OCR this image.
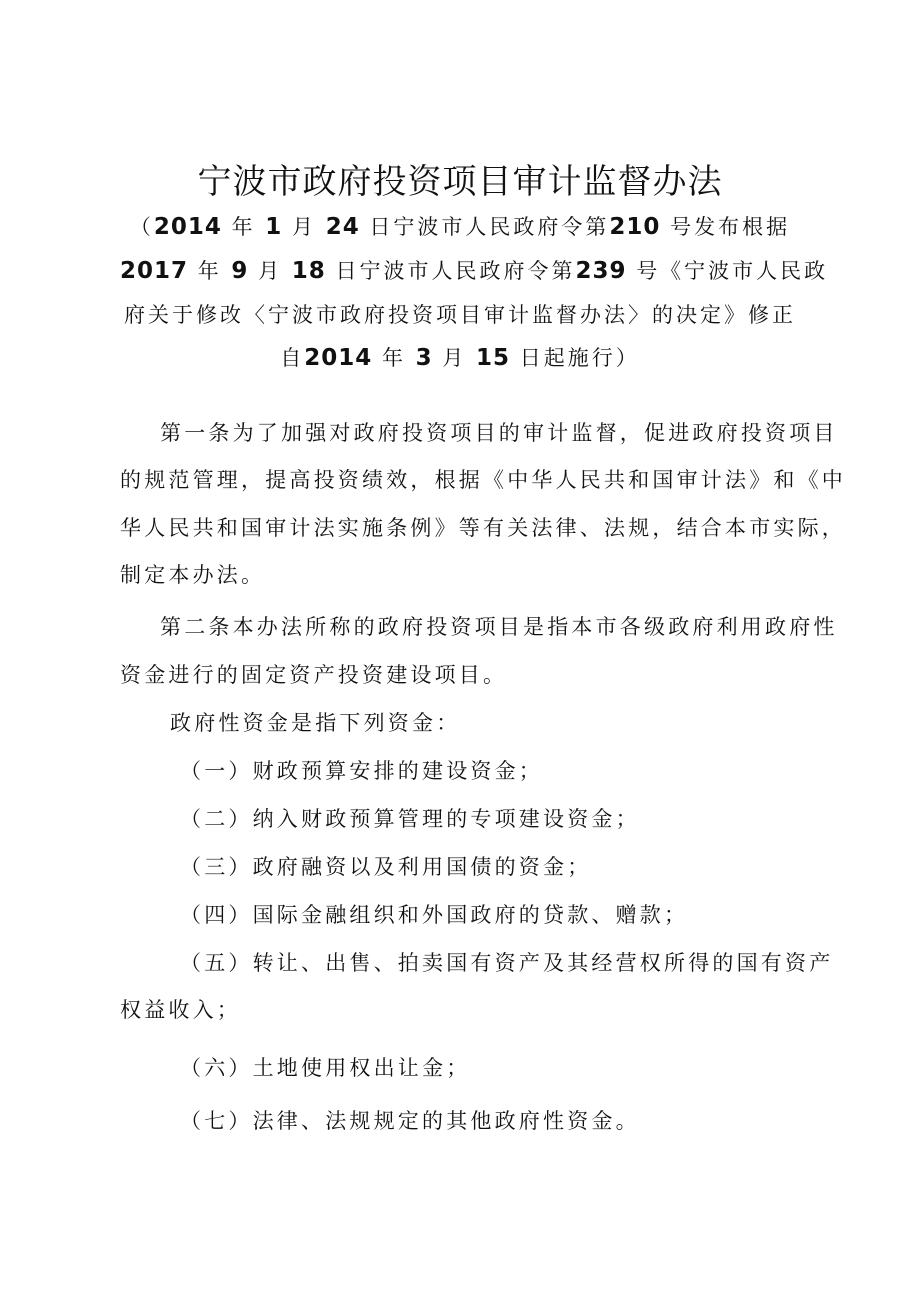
宁波市政府投资项目审计监督办法
（2014 年 1 月 24 日宁波市人民政府令第210 号发布根据
2017 年 9 月 18 日宁波市人民政府令第239 号《宁波市人民政
府关于修改〈宁波市政府投资项目审计监督办法〉的决定》修正
自2014 年 3 月 15 日起施行）
第一条为了加强对政府投资项目的审计监督，促进政府投资项目
的规范管理，提高投资绩效，根据《中华人民共和国审计法》和《中
华人民共和国审计法实施条例》等有关法律、法规，结合本市实际，
制定本办法。
第二条本办法所称的政府投资项目是指本市各级政府利用政府性
资金进行的固定资产投资建设项目。
政府性资金是指下列资金：
（一）财政预算安排的建设资金；
（二）纳入财政预算管理的专项建设资金；
（三）政府融资以及利用国债的资金；
（四）国际金融组织和外国政府的贷款、赠款；
（五）转让、出售、拍卖国有资产及其经营权所得的国有资产
权益收入；
（六）土地使用权出让金；
（七）法律、法规规定的其他政府性资金。
